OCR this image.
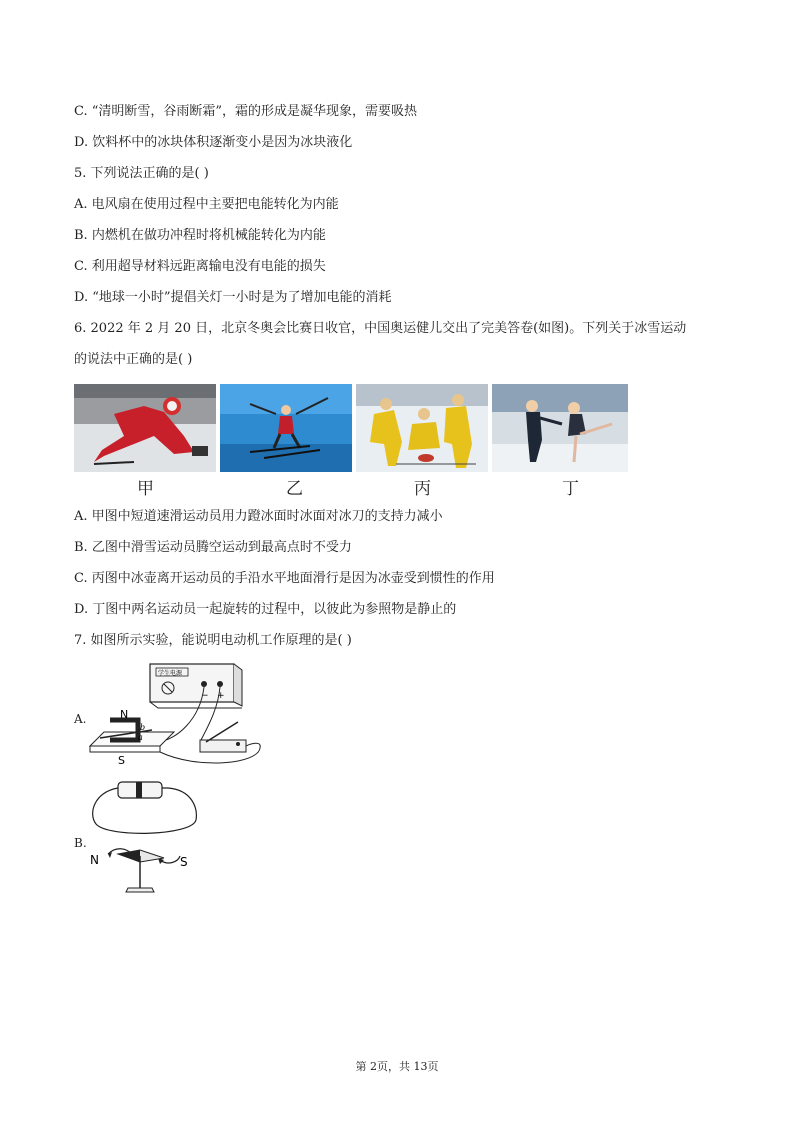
C. “清明断雪，谷雨断霜”，霜的形成是凝华现象，需要吸热
D. 饮料杯中的冰块体积逐渐变小是因为冰块液化
5. 下列说法正确的是( )
A. 电风扇在使用过程中主要把电能转化为内能
B. 内燃机在做功冲程时将机械能转化为内能
C. 利用超导材料远距离输电没有电能的损失
D. “地球一小时”提倡关灯一小时是为了增加电能的消耗
6. 2022 年 2 月 20 日，北京冬奥会比赛日收官，中国奥运健儿交出了完美答卷(如图)。下列关于冰雪运动
的说法中正确的是( )
甲	乙	丙	丁
A. 甲图中短道速滑运动员用力蹬冰面时冰面对冰刀的支持力减小
B. 乙图中滑雪运动员腾空运动到最高点时不受力
C. 丙图中冰壶离开运动员的手沿水平地面滑行是因为冰壶受到惯性的作用
D. 丁图中两名运动员一起旋转的过程中，以彼此为参照物是静止的
7. 如图所示实验，能说明电动机工作原理的是( )
A.
学生电源
− +
N
S
a
b
B.
N	S
第 2页，共 13页
